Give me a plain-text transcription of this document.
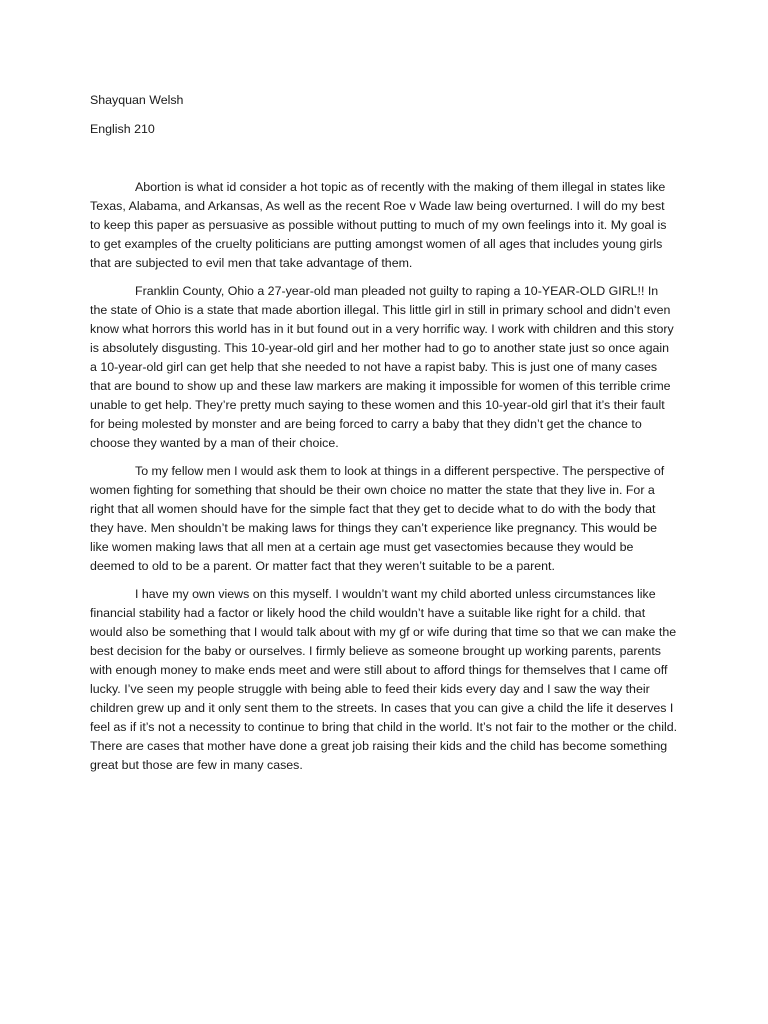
Shayquan Welsh

English 210

Abortion is what id consider a hot topic as of recently with the making of them illegal in states like Texas, Alabama, and Arkansas, As well as the recent Roe v Wade law being overturned. I will do my best to keep this paper as persuasive as possible without putting to much of my own feelings into it. My goal is to get examples of the cruelty politicians are putting amongst women of all ages that includes young girls that are subjected to evil men that take advantage of them.

Franklin County, Ohio a 27-year-old man pleaded not guilty to raping a 10-YEAR-OLD GIRL!! In the state of Ohio is a state that made abortion illegal. This little girl in still in primary school and didn’t even know what horrors this world has in it but found out in a very horrific way. I work with children and this story is absolutely disgusting. This 10-year-old girl and her mother had to go to another state just so once again a 10-year-old girl can get help that she needed to not have a rapist baby. This is just one of many cases that are bound to show up and these law markers are making it impossible for women of this terrible crime unable to get help. They’re pretty much saying to these women and this 10-year-old girl that it’s their fault for being molested by monster and are being forced to carry a baby that they didn’t get the chance to choose they wanted by a man of their choice.

To my fellow men I would ask them to look at things in a different perspective. The perspective of women fighting for something that should be their own choice no matter the state that they live in. For a right that all women should have for the simple fact that they get to decide what to do with the body that they have. Men shouldn’t be making laws for things they can’t experience like pregnancy. This would be like women making laws that all men at a certain age must get vasectomies because they would be deemed to old to be a parent. Or matter fact that they weren’t suitable to be a parent.

I have my own views on this myself. I wouldn’t want my child aborted unless circumstances like financial stability had a factor or likely hood the child wouldn’t have a suitable like right for a child. that would also be something that I would talk about with my gf or wife during that time so that we can make the best decision for the baby or ourselves. I firmly believe as someone brought up working parents, parents with enough money to make ends meet and were still about to afford things for themselves that I came off lucky. I’ve seen my people struggle with being able to feed their kids every day and I saw the way their children grew up and it only sent them to the streets. In cases that you can give a child the life it deserves I feel as if it’s not a necessity to continue to bring that child in the world. It’s not fair to the mother or the child. There are cases that mother have done a great job raising their kids and the child has become something great but those are few in many cases.
